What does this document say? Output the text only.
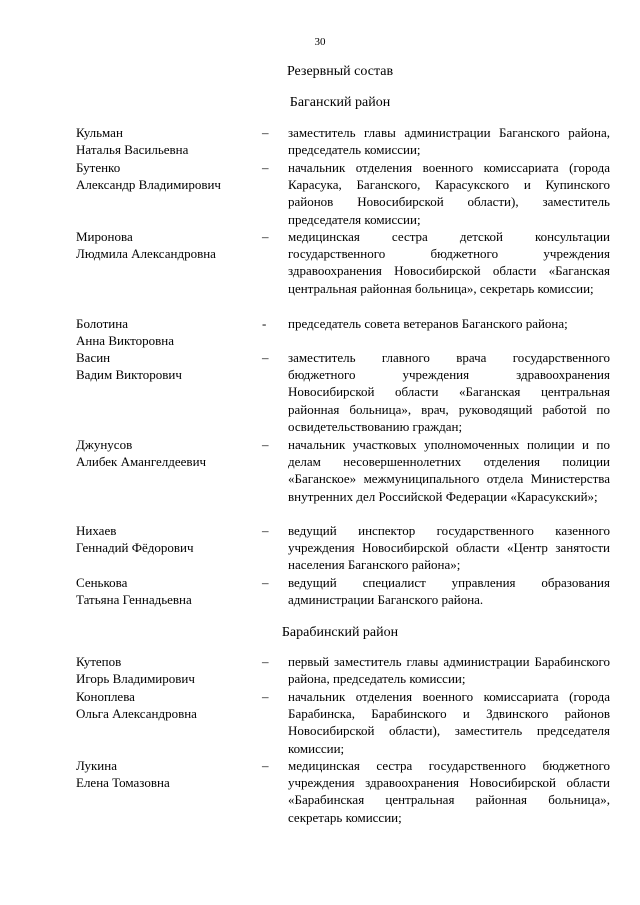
30
Резервный состав
Баганский район
Кульман
Наталья Васильевна
– заместитель главы администрации Баганского района, председатель комиссии;
Бутенко
Александр Владимирович
– начальник отделения военного комиссариата (города Карасука, Баганского, Карасукского и Купинского районов Новосибирской области), заместитель председателя комиссии;
Миронова
Людмила Александровна
– медицинская сестра детской консультации государственного бюджетного учреждения здравоохранения Новосибирской области «Баганская центральная районная больница», секретарь комиссии;
Болотина
Анна Викторовна
-	председатель совета ветеранов Баганского района;
Васин
Вадим Викторович
– заместитель главного врача государственного бюджетного учреждения здравоохранения Новосибирской области «Баганская центральная районная больница», врач, руководящий работой по освидетельствованию граждан;
Джунусов
Алибек Амангелдеевич
– начальник участковых уполномоченных полиции и по делам несовершеннолетних отделения полиции «Баганское» межмуниципального отдела Министерства внутренних дел Российской Федерации «Карасукский»;
Нихаев
Геннадий Фёдорович
– ведущий инспектор государственного казенного учреждения Новосибирской области «Центр занятости населения Баганского района»;
Сенькова
Татьяна Геннадьевна
– ведущий специалист управления образования администрации Баганского района.
Барабинский район
Кутепов
Игорь Владимирович
– первый заместитель главы администрации Барабинского района, председатель комиссии;
Коноплева
Ольга Александровна
– начальник отделения военного комиссариата (города Барабинска, Барабинского и Здвинского районов Новосибирской области), заместитель председателя комиссии;
Лукина
Елена Томазовна
– медицинская сестра государственного бюджетного учреждения здравоохранения Новосибирской области «Барабинская центральная районная больница», секретарь комиссии;
